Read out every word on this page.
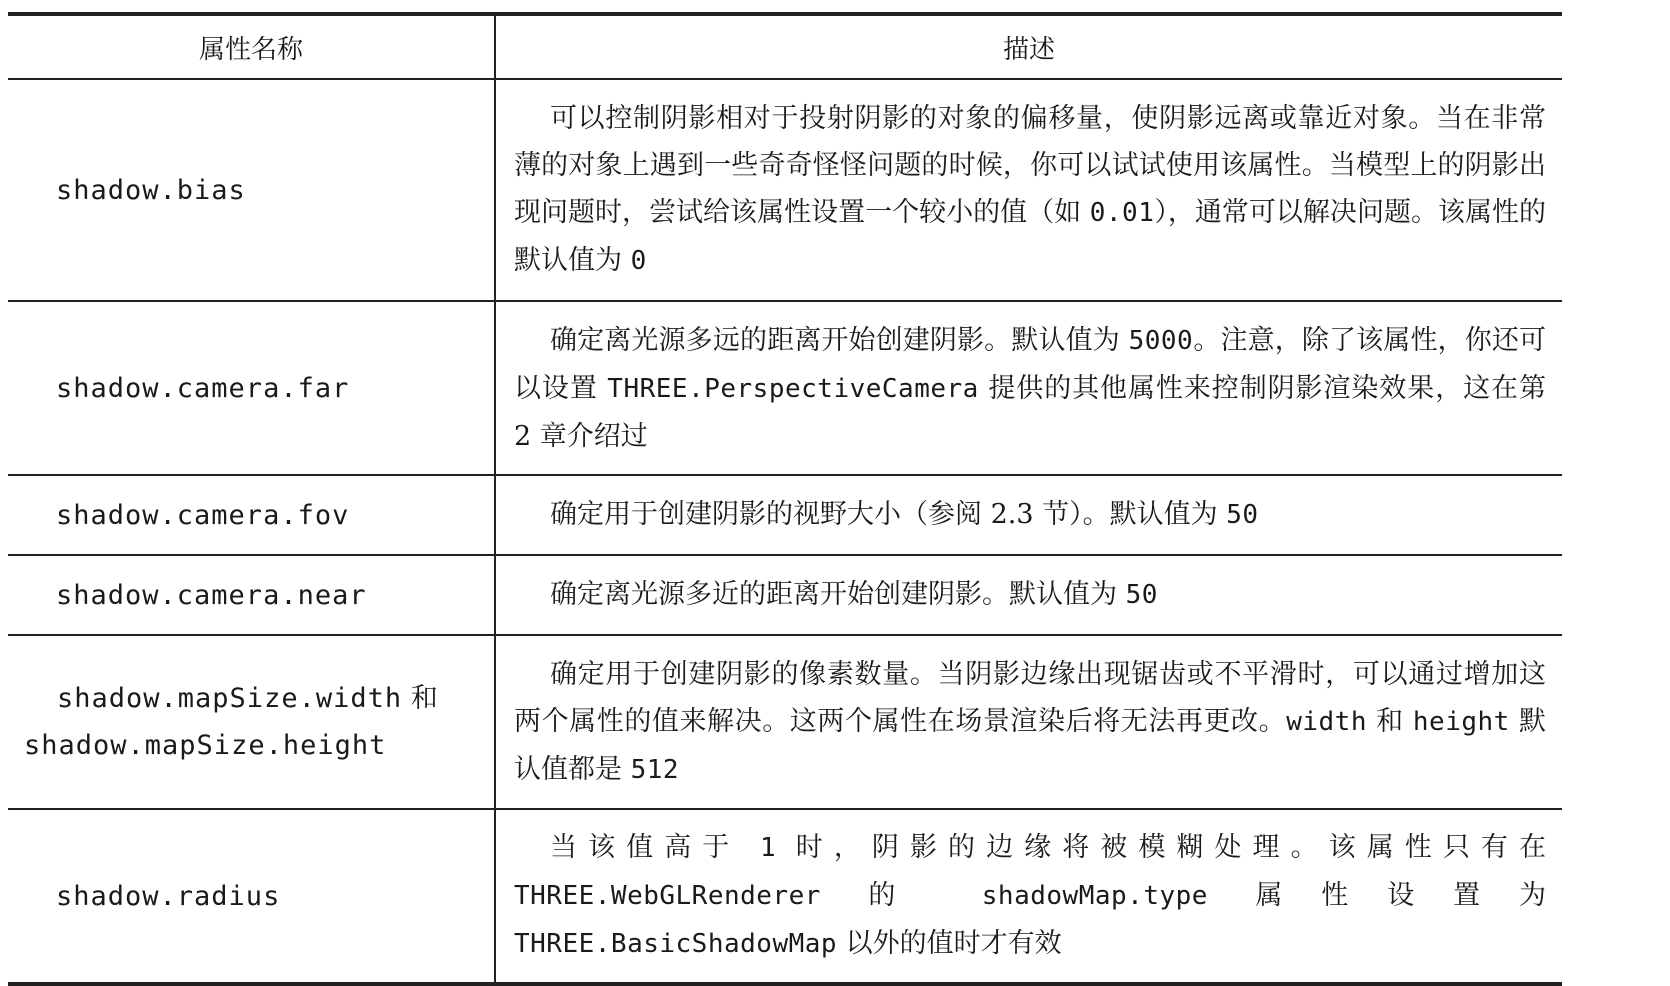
属性名称	描述
shadow.bias	可以控制阴影相对于投射阴影的对象的偏移量，使阴影远离或靠近对象。当在非常薄的对象上遇到一些奇奇怪怪问题的时候，你可以试试使用该属性。当模型上的阴影出现问题时，尝试给该属性设置一个较小的值（如 0.01），通常可以解决问题。该属性的默认值为 0
shadow.camera.far	确定离光源多远的距离开始创建阴影。默认值为 5000。注意，除了该属性，你还可以设置 THREE.PerspectiveCamera 提供的其他属性来控制阴影渲染效果，这在第 2 章介绍过
shadow.camera.fov	确定用于创建阴影的视野大小（参阅 2.3 节）。默认值为 50
shadow.camera.near	确定离光源多近的距离开始创建阴影。默认值为 50
shadow.mapSize.width 和
shadow.mapSize.height	确定用于创建阴影的像素数量。当阴影边缘出现锯齿或不平滑时，可以通过增加这两个属性的值来解决。这两个属性在场景渲染后将无法再更改。width 和 height 默认值都是 512
shadow.radius	当该值高于 1 时，阴影的边缘将被模糊处理。该属性只有在 THREE.WebGLRenderer 的 shadowMap.type 属性设置为 THREE.BasicShadowMap 以外的值时才有效
